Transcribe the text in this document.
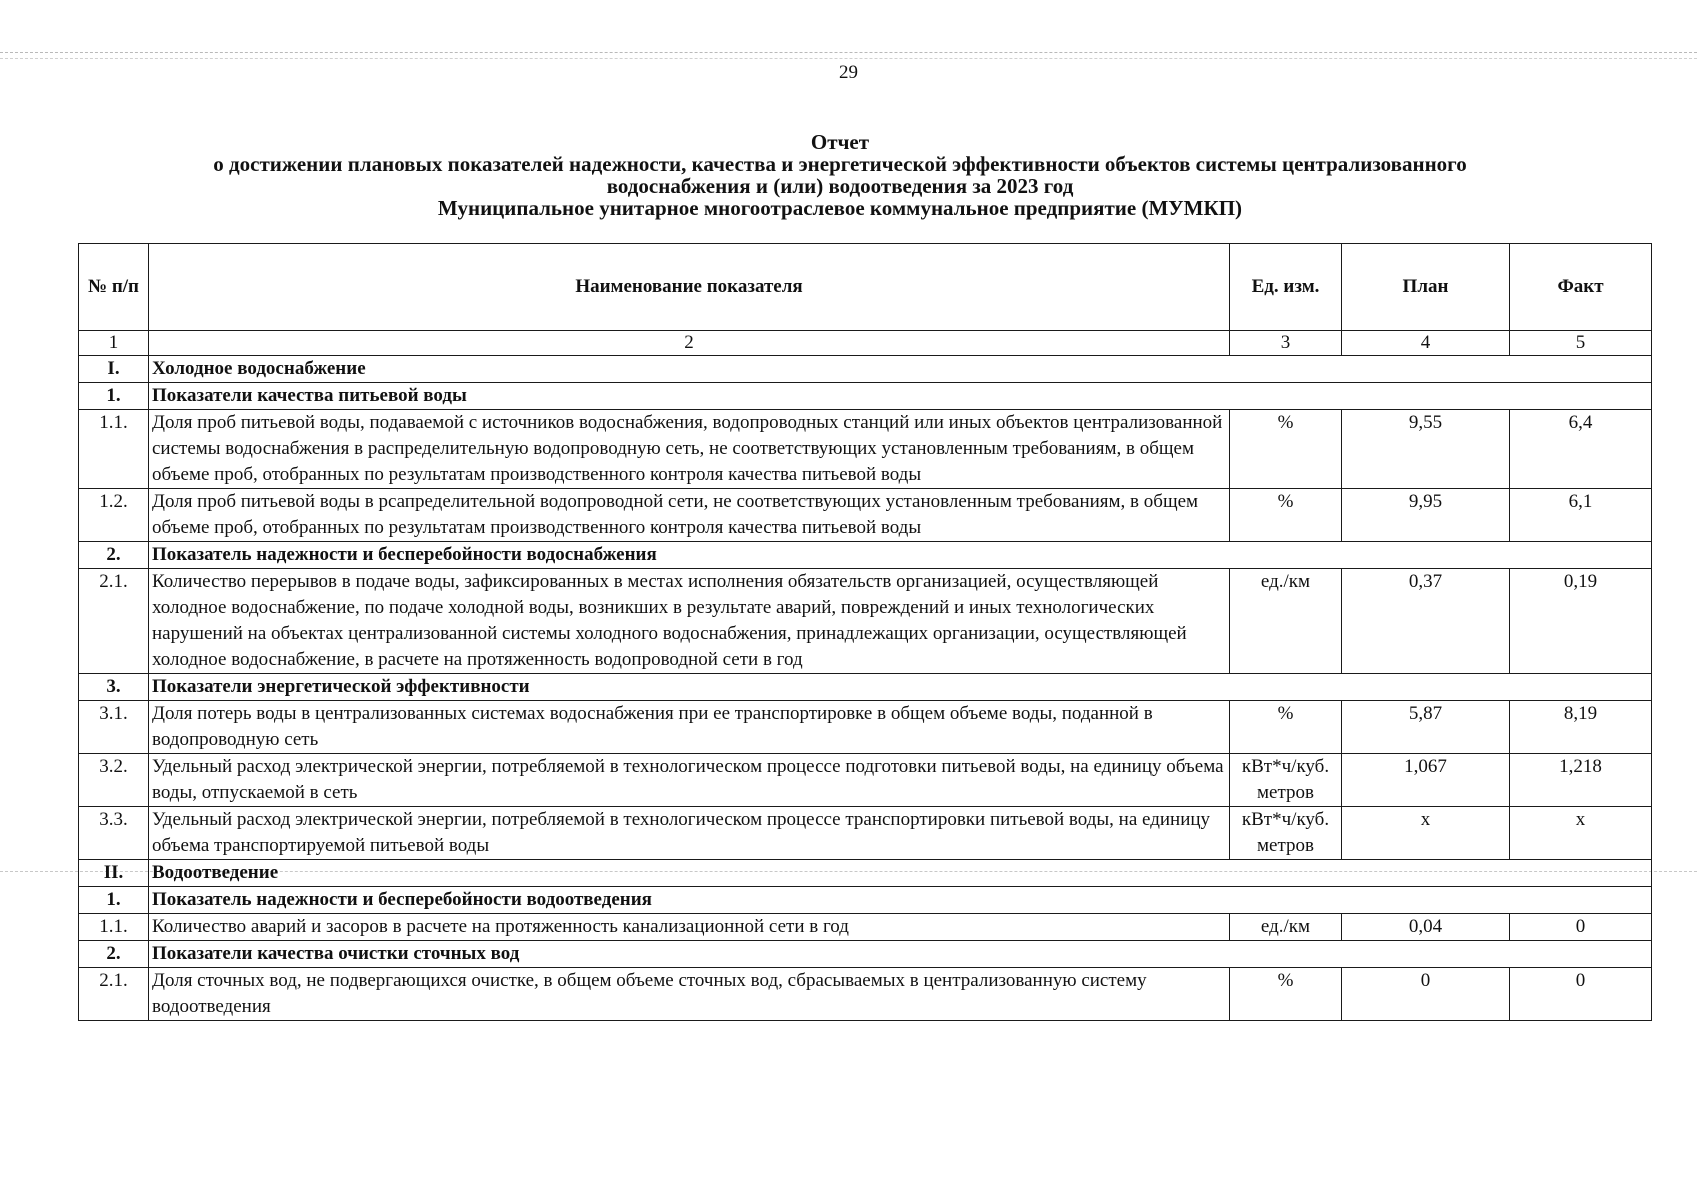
29
Отчет
о достижении плановых показателей надежности, качества и энергетической эффективности объектов системы централизованного
водоснабжения и (или) водоотведения за 2023 год
Муниципальное унитарное многоотраслевое коммунальное предприятие (МУМКП)
№ п/п	Наименование показателя	Ед. изм.	План	Факт
1	2	3	4	5
I.	Холодное водоснабжение			
1.	Показатели качества питьевой воды			
1.1.	Доля проб питьевой воды, подаваемой с источников водоснабжения, водопроводных станций или иных объектов централизованной системы водоснабжения в распределительную водопроводную сеть, не соответствующих установленным требованиям, в общем объеме проб, отобранных по результатам производственного контроля качества питьевой воды	%	9,55	6,4
1.2.	Доля проб питьевой воды в рсапределительной водопроводной сети, не соответствующих установленным требованиям, в общем объеме проб, отобранных по результатам производственного контроля качества питьевой воды	%	9,95	6,1
2.	Показатель надежности и бесперебойности водоснабжения			
2.1.	Количество перерывов в подаче воды, зафиксированных в местах исполнения обязательств организацией, осуществляющей холодное водоснабжение, по подаче холодной воды, возникших в результате аварий, повреждений и иных технологических нарушений на объектах централизованной системы холодного водоснабжения, принадлежащих организации, осуществляющей холодное водоснабжение, в расчете на протяженность водопроводной сети в год	ед./км	0,37	0,19
3.	Показатели энергетической эффективности			
3.1.	Доля потерь воды в централизованных системах водоснабжения при ее транспортировке в общем объеме воды, поданной в водопроводную сеть	%	5,87	8,19
3.2.	Удельный расход электрической энергии, потребляемой в технологическом процессе подготовки питьевой воды, на единицу объема воды, отпускаемой в сеть	кВт*ч/куб. метров	1,067	1,218
3.3.	Удельный расход электрической энергии, потребляемой в технологическом процессе транспортировки питьевой воды, на единицу объема транспортируемой питьевой воды	кВт*ч/куб. метров	х	х
II.	Водоотведение			
1.	Показатель надежности и бесперебойности водоотведения			
1.1.	Количество аварий и засоров в расчете на протяженность канализационной сети в год	ед./км	0,04	0
2.	Показатели качества очистки сточных вод			
2.1.	Доля сточных вод, не подвергающихся очистке, в общем объеме сточных вод, сбрасываемых в централизованную систему водоотведения	%	0	0
